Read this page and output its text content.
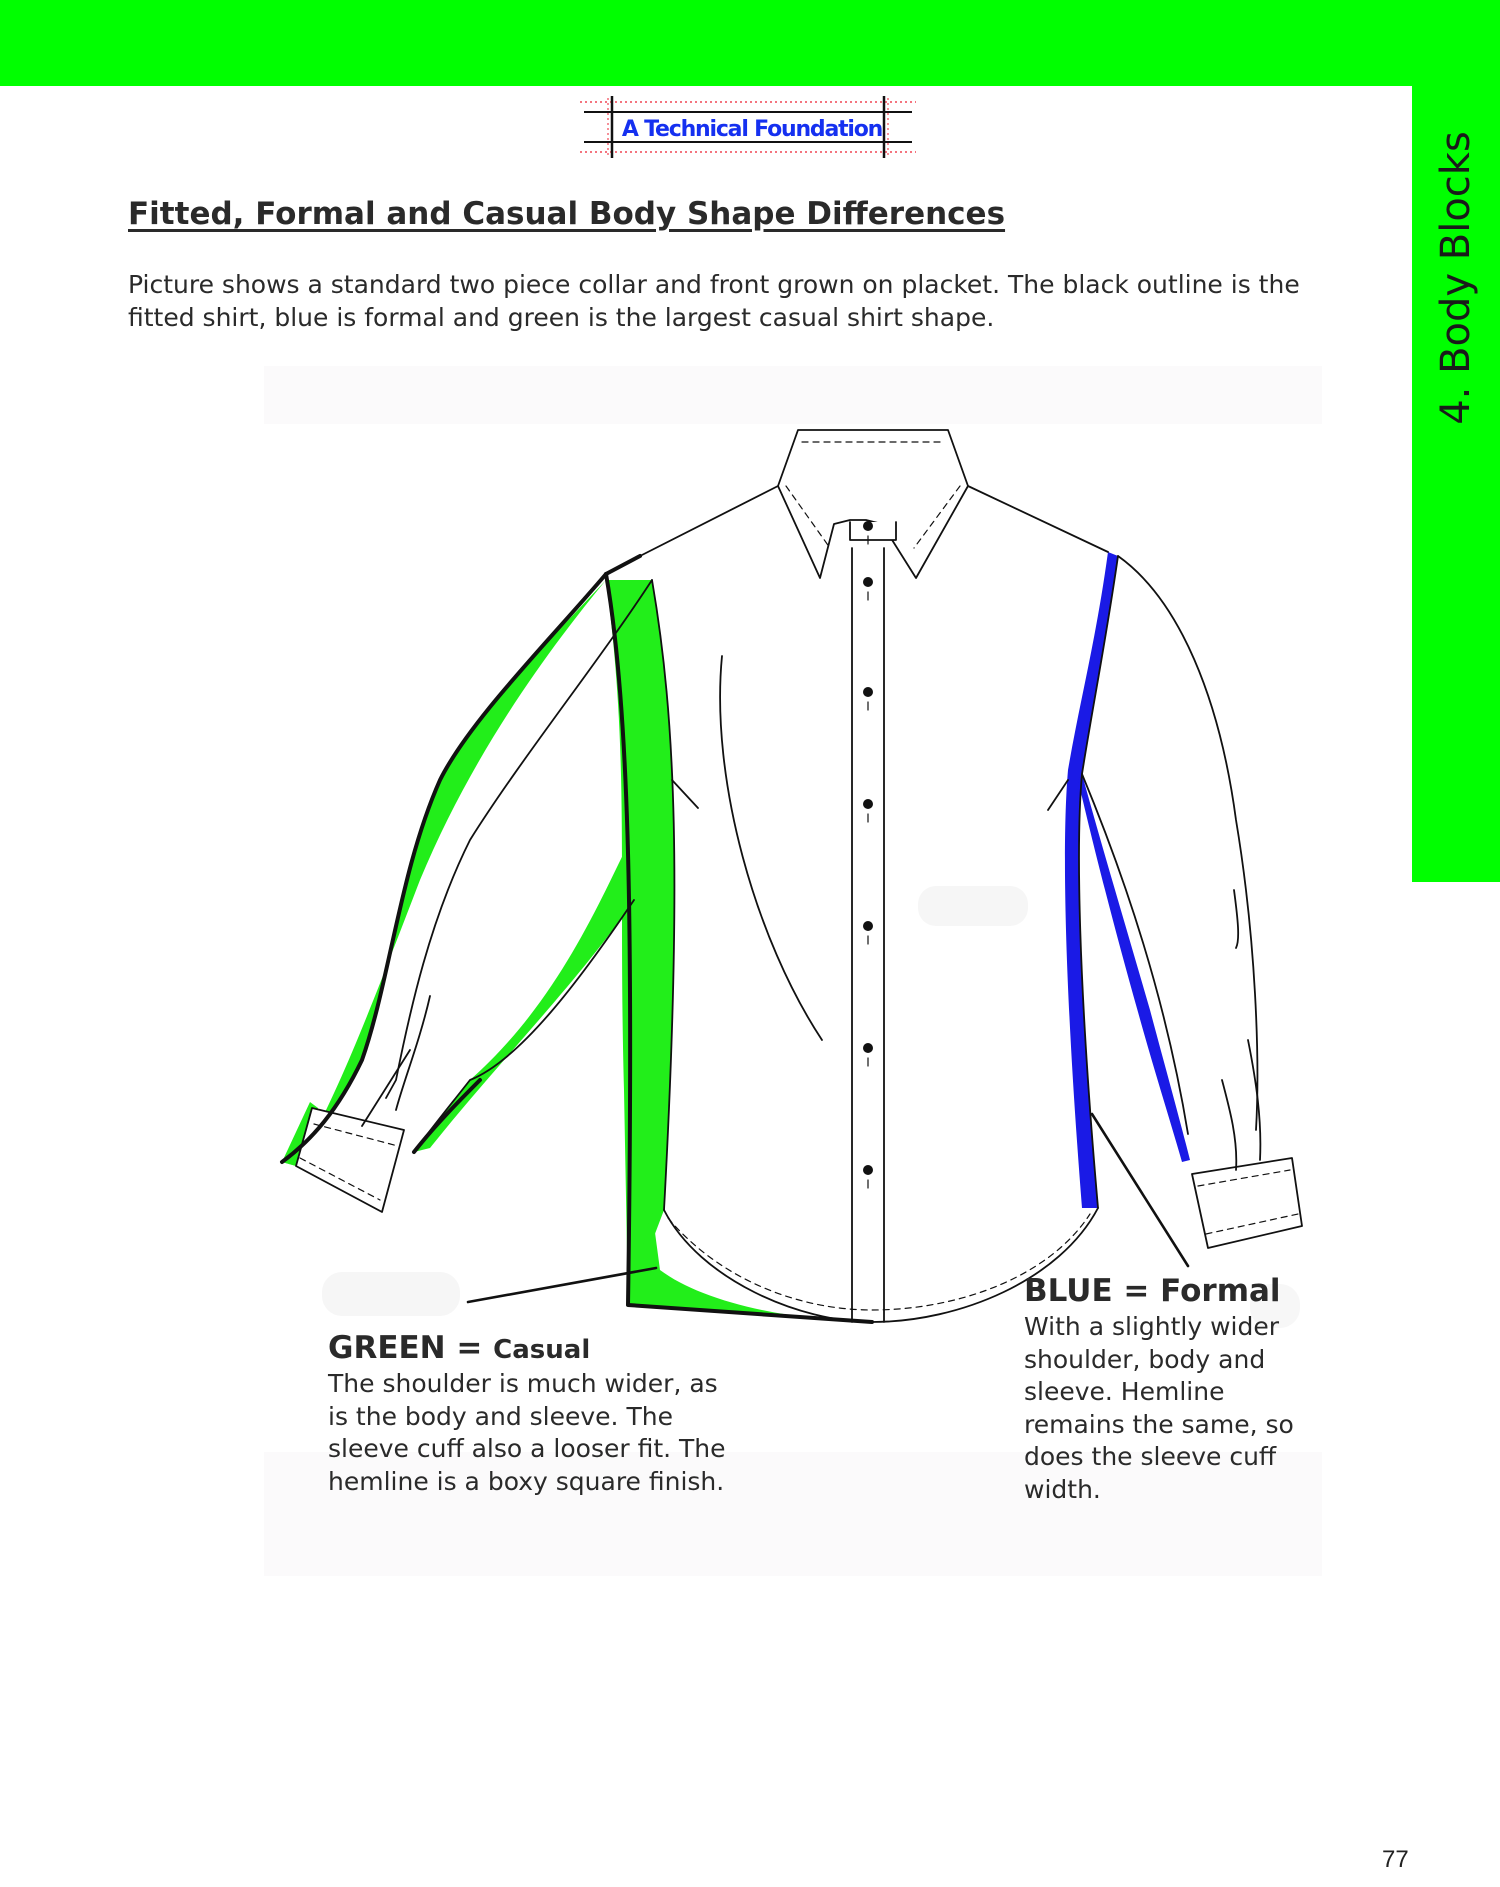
4. Body Blocks
A Technical Foundation
Fitted, Formal and Casual Body Shape Differences
Picture shows a standard two piece collar and front grown on placket. The black outline is the fitted shirt, blue is formal and green is the largest casual shirt shape.
GREEN = Casual
The shoulder is much wider, as is the body and sleeve. The sleeve cuff also a looser fit. The hemline is a boxy square finish.
BLUE = Formal
With a slightly wider shoulder, body and sleeve. Hemline remains the same, so does the sleeve cuff width.
77
